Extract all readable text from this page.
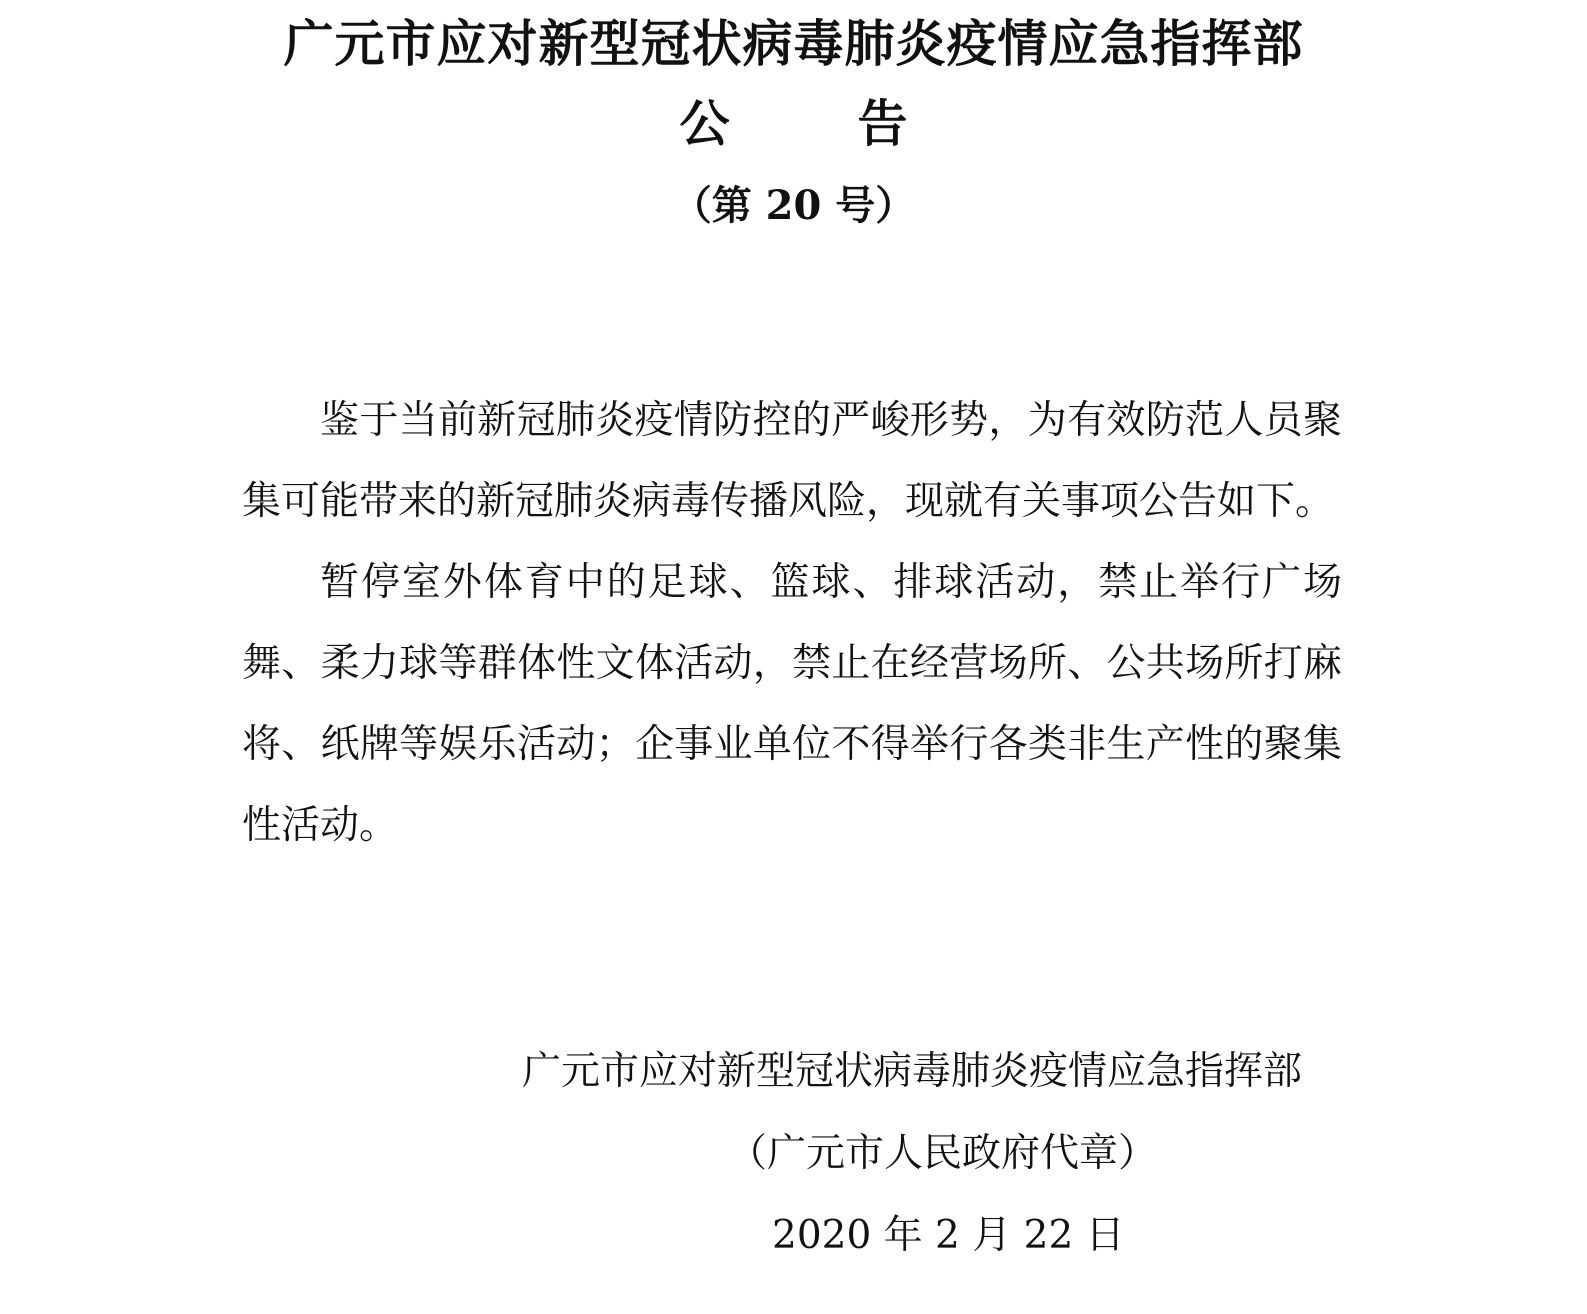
广元市应对新型冠状病毒肺炎疫情应急指挥部
公	告
（第 20 号）

鉴于当前新冠肺炎疫情防控的严峻形势，为有效防范人员聚集可能带来的新冠肺炎病毒传播风险，现就有关事项公告如下。

暂停室外体育中的足球、篮球、排球活动，禁止举行广场舞、柔力球等群体性文体活动，禁止在经营场所、公共场所打麻将、纸牌等娱乐活动；企事业单位不得举行各类非生产性的聚集性活动。

广元市应对新型冠状病毒肺炎疫情应急指挥部
（广元市人民政府代章）
2020 年 2 月 22 日
